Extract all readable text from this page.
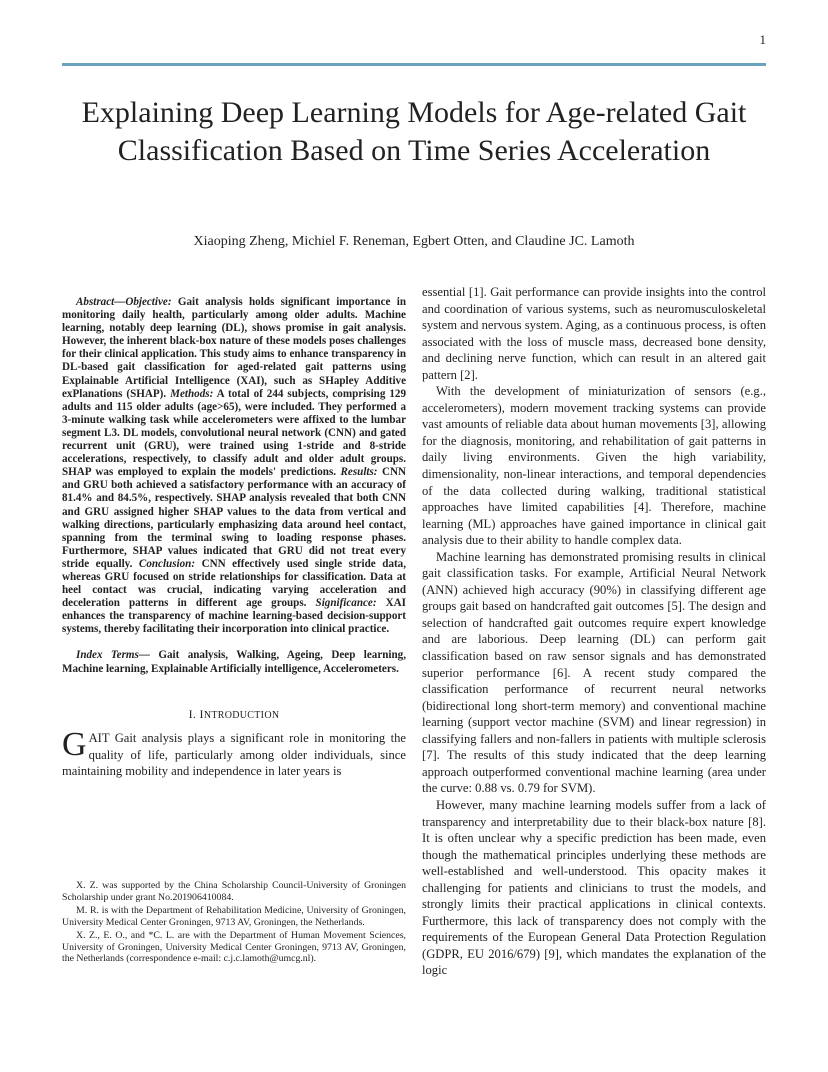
1
Explaining Deep Learning Models for Age-related Gait Classification Based on Time Series Acceleration

Xiaoping Zheng, Michiel F. Reneman, Egbert Otten, and Claudine JC. Lamoth

Abstract—Objective: Gait analysis holds significant importance in monitoring daily health, particularly among older adults. Machine learning, notably deep learning (DL), shows promise in gait analysis. However, the inherent black-box nature of these models poses challenges for their clinical application. This study aims to enhance transparency in DL-based gait classification for aged-related gait patterns using Explainable Artificial Intelligence (XAI), such as SHapley Additive exPlanations (SHAP). Methods: A total of 244 subjects, comprising 129 adults and 115 older adults (age>65), were included. They performed a 3-minute walking task while accelerometers were affixed to the lumbar segment L3. DL models, convolutional neural network (CNN) and gated recurrent unit (GRU), were trained using 1-stride and 8-stride accelerations, respectively, to classify adult and older adult groups. SHAP was employed to explain the models' predictions. Results: CNN and GRU both achieved a satisfactory performance with an accuracy of 81.4% and 84.5%, respectively. SHAP analysis revealed that both CNN and GRU assigned higher SHAP values to the data from vertical and walking directions, particularly emphasizing data around heel contact, spanning from the terminal swing to loading response phases. Furthermore, SHAP values indicated that GRU did not treat every stride equally. Conclusion: CNN effectively used single stride data, whereas GRU focused on stride relationships for classification. Data at heel contact was crucial, indicating varying acceleration and deceleration patterns in different age groups. Significance: XAI enhances the transparency of machine learning-based decision-support systems, thereby facilitating their incorporation into clinical practice.

Index Terms— Gait analysis, Walking, Ageing, Deep learning, Machine learning, Explainable Artificially intelligence, Accelerometers.

I. INTRODUCTION

GAIT Gait analysis plays a significant role in monitoring the quality of life, particularly among older individuals, since maintaining mobility and independence in later years is

X. Z. was supported by the China Scholarship Council-University of Groningen Scholarship under grant No.201906410084.

M. R. is with the Department of Rehabilitation Medicine, University of Groningen, University Medical Center Groningen, 9713 AV, Groningen, the Netherlands.

X. Z., E. O., and *C. L. are with the Department of Human Movement Sciences, University of Groningen, University Medical Center Groningen, 9713 AV, Groningen, the Netherlands (correspondence e-mail: c.j.c.lamoth@umcg.nl).

essential [1]. Gait performance can provide insights into the control and coordination of various systems, such as neuromusculoskeletal system and nervous system. Aging, as a continuous process, is often associated with the loss of muscle mass, decreased bone density, and declining nerve function, which can result in an altered gait pattern [2].

With the development of miniaturization of sensors (e.g., accelerometers), modern movement tracking systems can provide vast amounts of reliable data about human movements [3], allowing for the diagnosis, monitoring, and rehabilitation of gait patterns in daily living environments. Given the high variability, dimensionality, non-linear interactions, and temporal dependencies of the data collected during walking, traditional statistical approaches have limited capabilities [4]. Therefore, machine learning (ML) approaches have gained importance in clinical gait analysis due to their ability to handle complex data.

Machine learning has demonstrated promising results in clinical gait classification tasks. For example, Artificial Neural Network (ANN) achieved high accuracy (90%) in classifying different age groups gait based on handcrafted gait outcomes [5]. The design and selection of handcrafted gait outcomes require expert knowledge and are laborious. Deep learning (DL) can perform gait classification based on raw sensor signals and has demonstrated superior performance [6]. A recent study compared the classification performance of recurrent neural networks (bidirectional long short-term memory) and conventional machine learning (support vector machine (SVM) and linear regression) in classifying fallers and non-fallers in patients with multiple sclerosis [7]. The results of this study indicated that the deep learning approach outperformed conventional machine learning (area under the curve: 0.88 vs. 0.79 for SVM).

However, many machine learning models suffer from a lack of transparency and interpretability due to their black-box nature [8]. It is often unclear why a specific prediction has been made, even though the mathematical principles underlying these methods are well-established and well-understood. This opacity makes it challenging for patients and clinicians to trust the models, and strongly limits their practical applications in clinical contexts. Furthermore, this lack of transparency does not comply with the requirements of the European General Data Protection Regulation (GDPR, EU 2016/679) [9], which mandates the explanation of the logic
